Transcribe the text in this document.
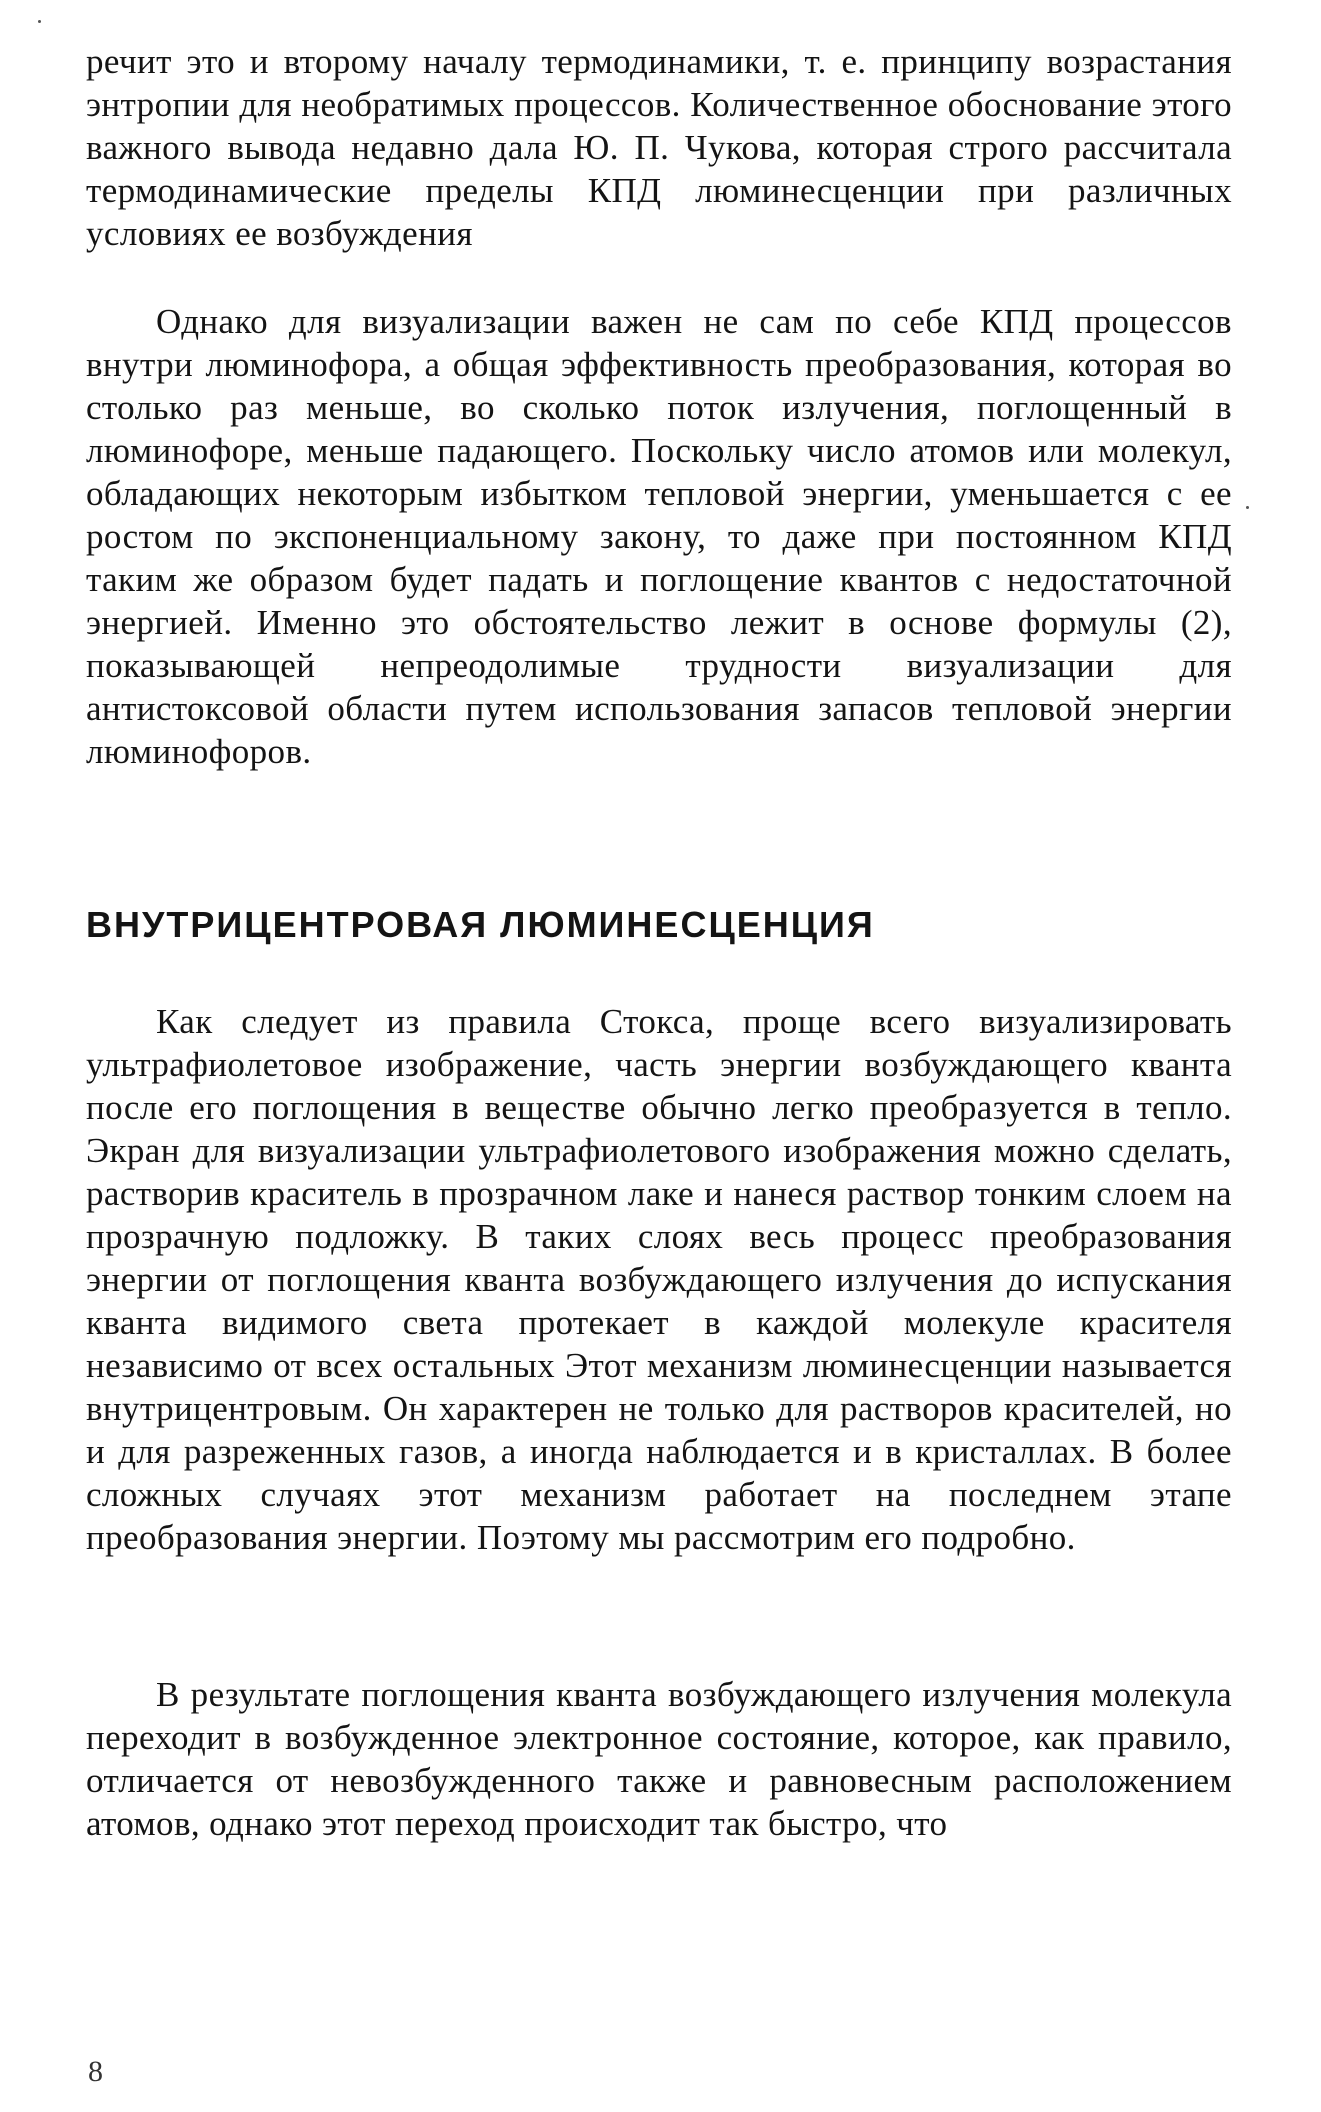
речит это и второму началу термодинамики, т. е. принципу возрастания энтропии для необратимых процессов. Количественное обоснование этого важного вывода недавно дала Ю. П. Чукова, которая строго рассчитала термодинамические пределы КПД люминесценции при различных условиях ее возбуждения

Однако для визуализации важен не сам по себе КПД процессов внутри люминофора, а общая эффективность преобразования, которая во столько раз меньше, во сколько поток излучения, поглощенный в люминофоре, меньше падающего. Поскольку число атомов или молекул, обладающих некоторым избытком тепловой энергии, уменьшается с ее ростом по экспоненциальному закону, то даже при постоянном КПД таким же образом будет падать и поглощение квантов с недостаточной энергией. Именно это обстоятельство лежит в основе формулы (2), показывающей непреодолимые трудности визуализации для антистоксовой области путем использования запасов тепловой энергии люминофоров.

ВНУТРИЦЕНТРОВАЯ ЛЮМИНЕСЦЕНЦИЯ

Как следует из правила Стокса, проще всего визуализировать ультрафиолетовое изображение, часть энергии возбуждающего кванта после его поглощения в веществе обычно легко преобразуется в тепло. Экран для визуализации ультрафиолетового изображения можно сделать, растворив краситель в прозрачном лаке и нанеся раствор тонким слоем на прозрачную подложку. В таких слоях весь процесс преобразования энергии от поглощения кванта возбуждающего излучения до испускания кванта видимого света протекает в каждой молекуле красителя независимо от всех остальных Этот механизм люминесценции называется внутрицентровым. Он характерен не только для растворов красителей, но и для разреженных газов, а иногда наблюдается и в кристаллах. В более сложных случаях этот механизм работает на последнем этапе преобразования энергии. Поэтому мы рассмотрим его подробно.

В результате поглощения кванта возбуждающего излучения молекула переходит в возбужденное электронное состояние, которое, как правило, отличается от невозбужденного также и равновесным расположением атомов, однако этот переход происходит так быстро, что

8
